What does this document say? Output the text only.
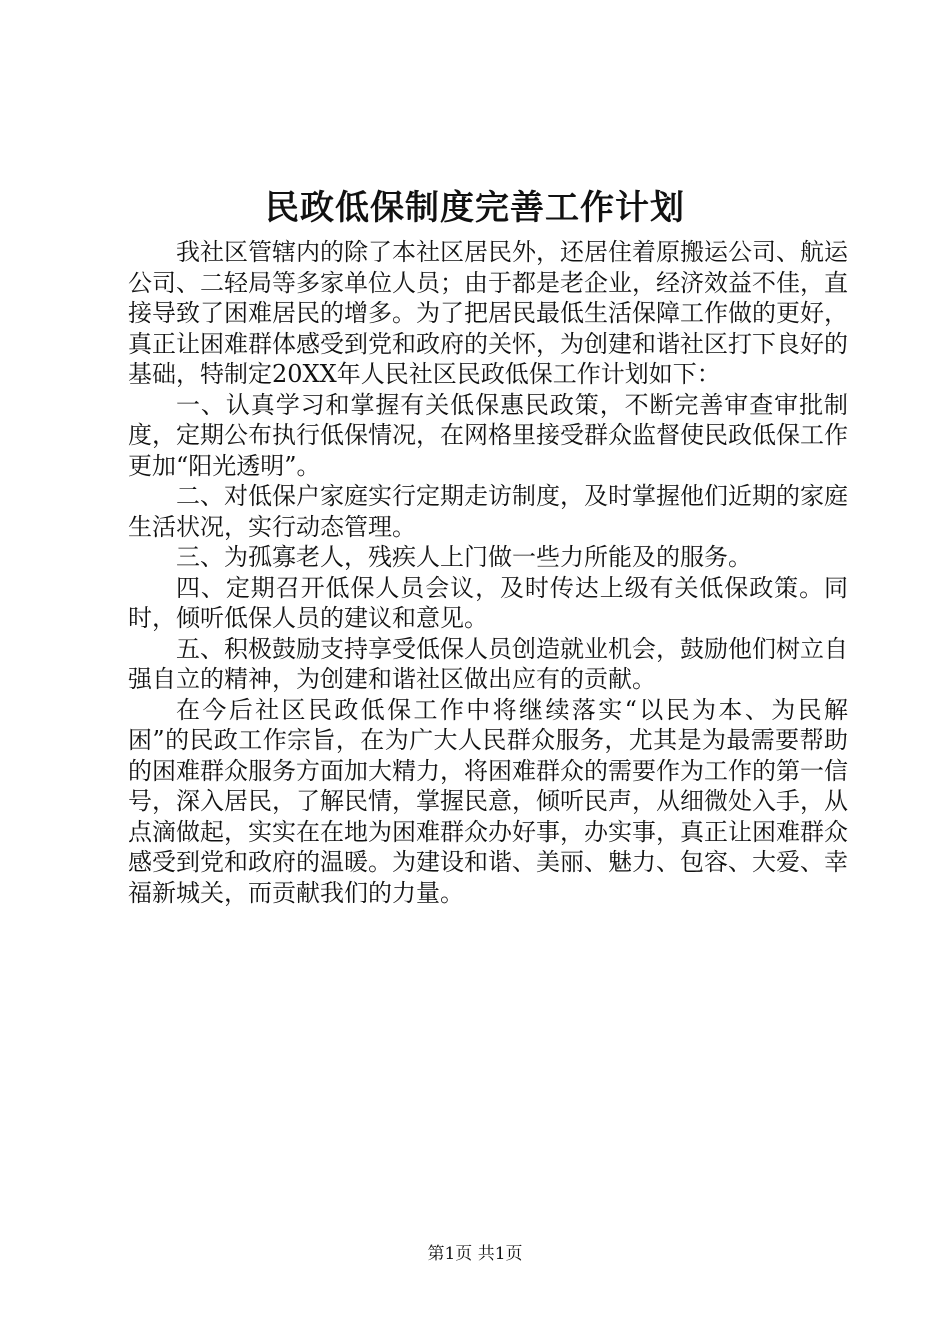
民政低保制度完善工作计划

我社区管辖内的除了本社区居民外，还居住着原搬运公司、航运公司、二轻局等多家单位人员；由于都是老企业，经济效益不佳，直接导致了困难居民的增多。为了把居民最低生活保障工作做的更好，真正让困难群体感受到党和政府的关怀，为创建和谐社区打下良好的基础，特制定20XX年人民社区民政低保工作计划如下：

一、认真学习和掌握有关低保惠民政策，不断完善审查审批制度，定期公布执行低保情况，在网格里接受群众监督使民政低保工作更加“阳光透明”。

二、对低保户家庭实行定期走访制度，及时掌握他们近期的家庭生活状况，实行动态管理。

三、为孤寡老人，残疾人上门做一些力所能及的服务。

四、定期召开低保人员会议，及时传达上级有关低保政策。同时，倾听低保人员的建议和意见。

五、积极鼓励支持享受低保人员创造就业机会，鼓励他们树立自强自立的精神，为创建和谐社区做出应有的贡献。

在今后社区民政低保工作中将继续落实“以民为本、为民解困”的民政工作宗旨，在为广大人民群众服务，尤其是为最需要帮助的困难群众服务方面加大精力，将困难群众的需要作为工作的第一信号，深入居民，了解民情，掌握民意，倾听民声，从细微处入手，从点滴做起，实实在在地为困难群众办好事，办实事，真正让困难群众感受到党和政府的温暖。为建设和谐、美丽、魅力、包容、大爱、幸福新城关，而贡献我们的力量。

第1页 共1页
